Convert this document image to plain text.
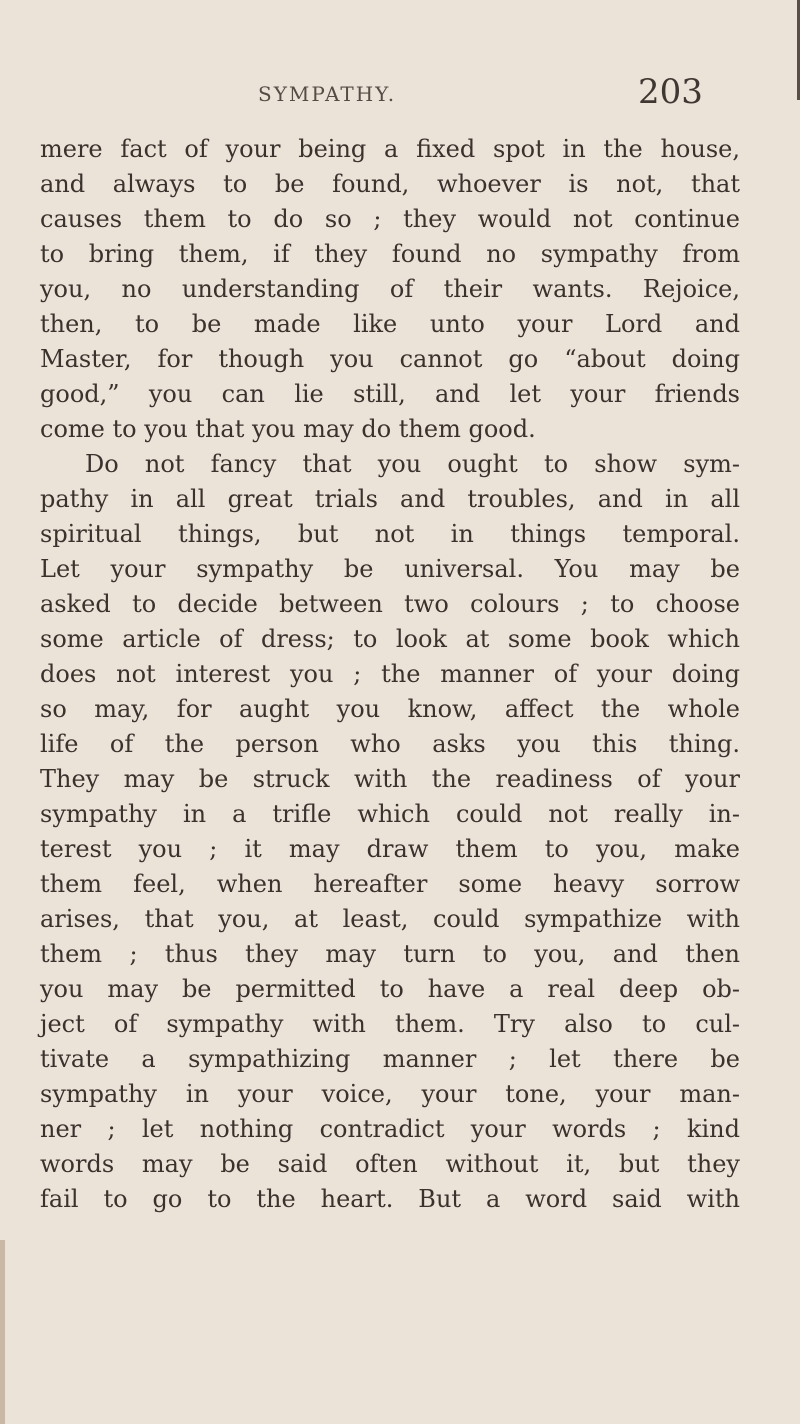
SYMPATHY.	203
mere fact of your being a fixed spot in the house,
and always to be found, whoever is not, that
causes them to do so ; they would not continue
to bring them, if they found no sympathy from
you, no understanding of their wants. Rejoice,
then, to be made like unto your Lord and
Master, for though you cannot go “about doing
good,” you can lie still, and let your friends
come to you that you may do them good.
Do not fancy that you ought to show sym-
pathy in all great trials and troubles, and in all
spiritual things, but not in things temporal.
Let your sympathy be universal. You may be
asked to decide between two colours ; to choose
some article of dress; to look at some book which
does not interest you ; the manner of your doing
so may, for aught you know, affect the whole
life of the person who asks you this thing.
They may be struck with the readiness of your
sympathy in a trifle which could not really in-
terest you ; it may draw them to you, make
them feel, when hereafter some heavy sorrow
arises, that you, at least, could sympathize with
them ; thus they may turn to you, and then
you may be permitted to have a real deep ob-
ject of sympathy with them. Try also to cul-
tivate a sympathizing manner ; let there be
sympathy in your voice, your tone, your man-
ner ; let nothing contradict your words ; kind
words may be said often without it, but they
fail to go to the heart. But a word said with
